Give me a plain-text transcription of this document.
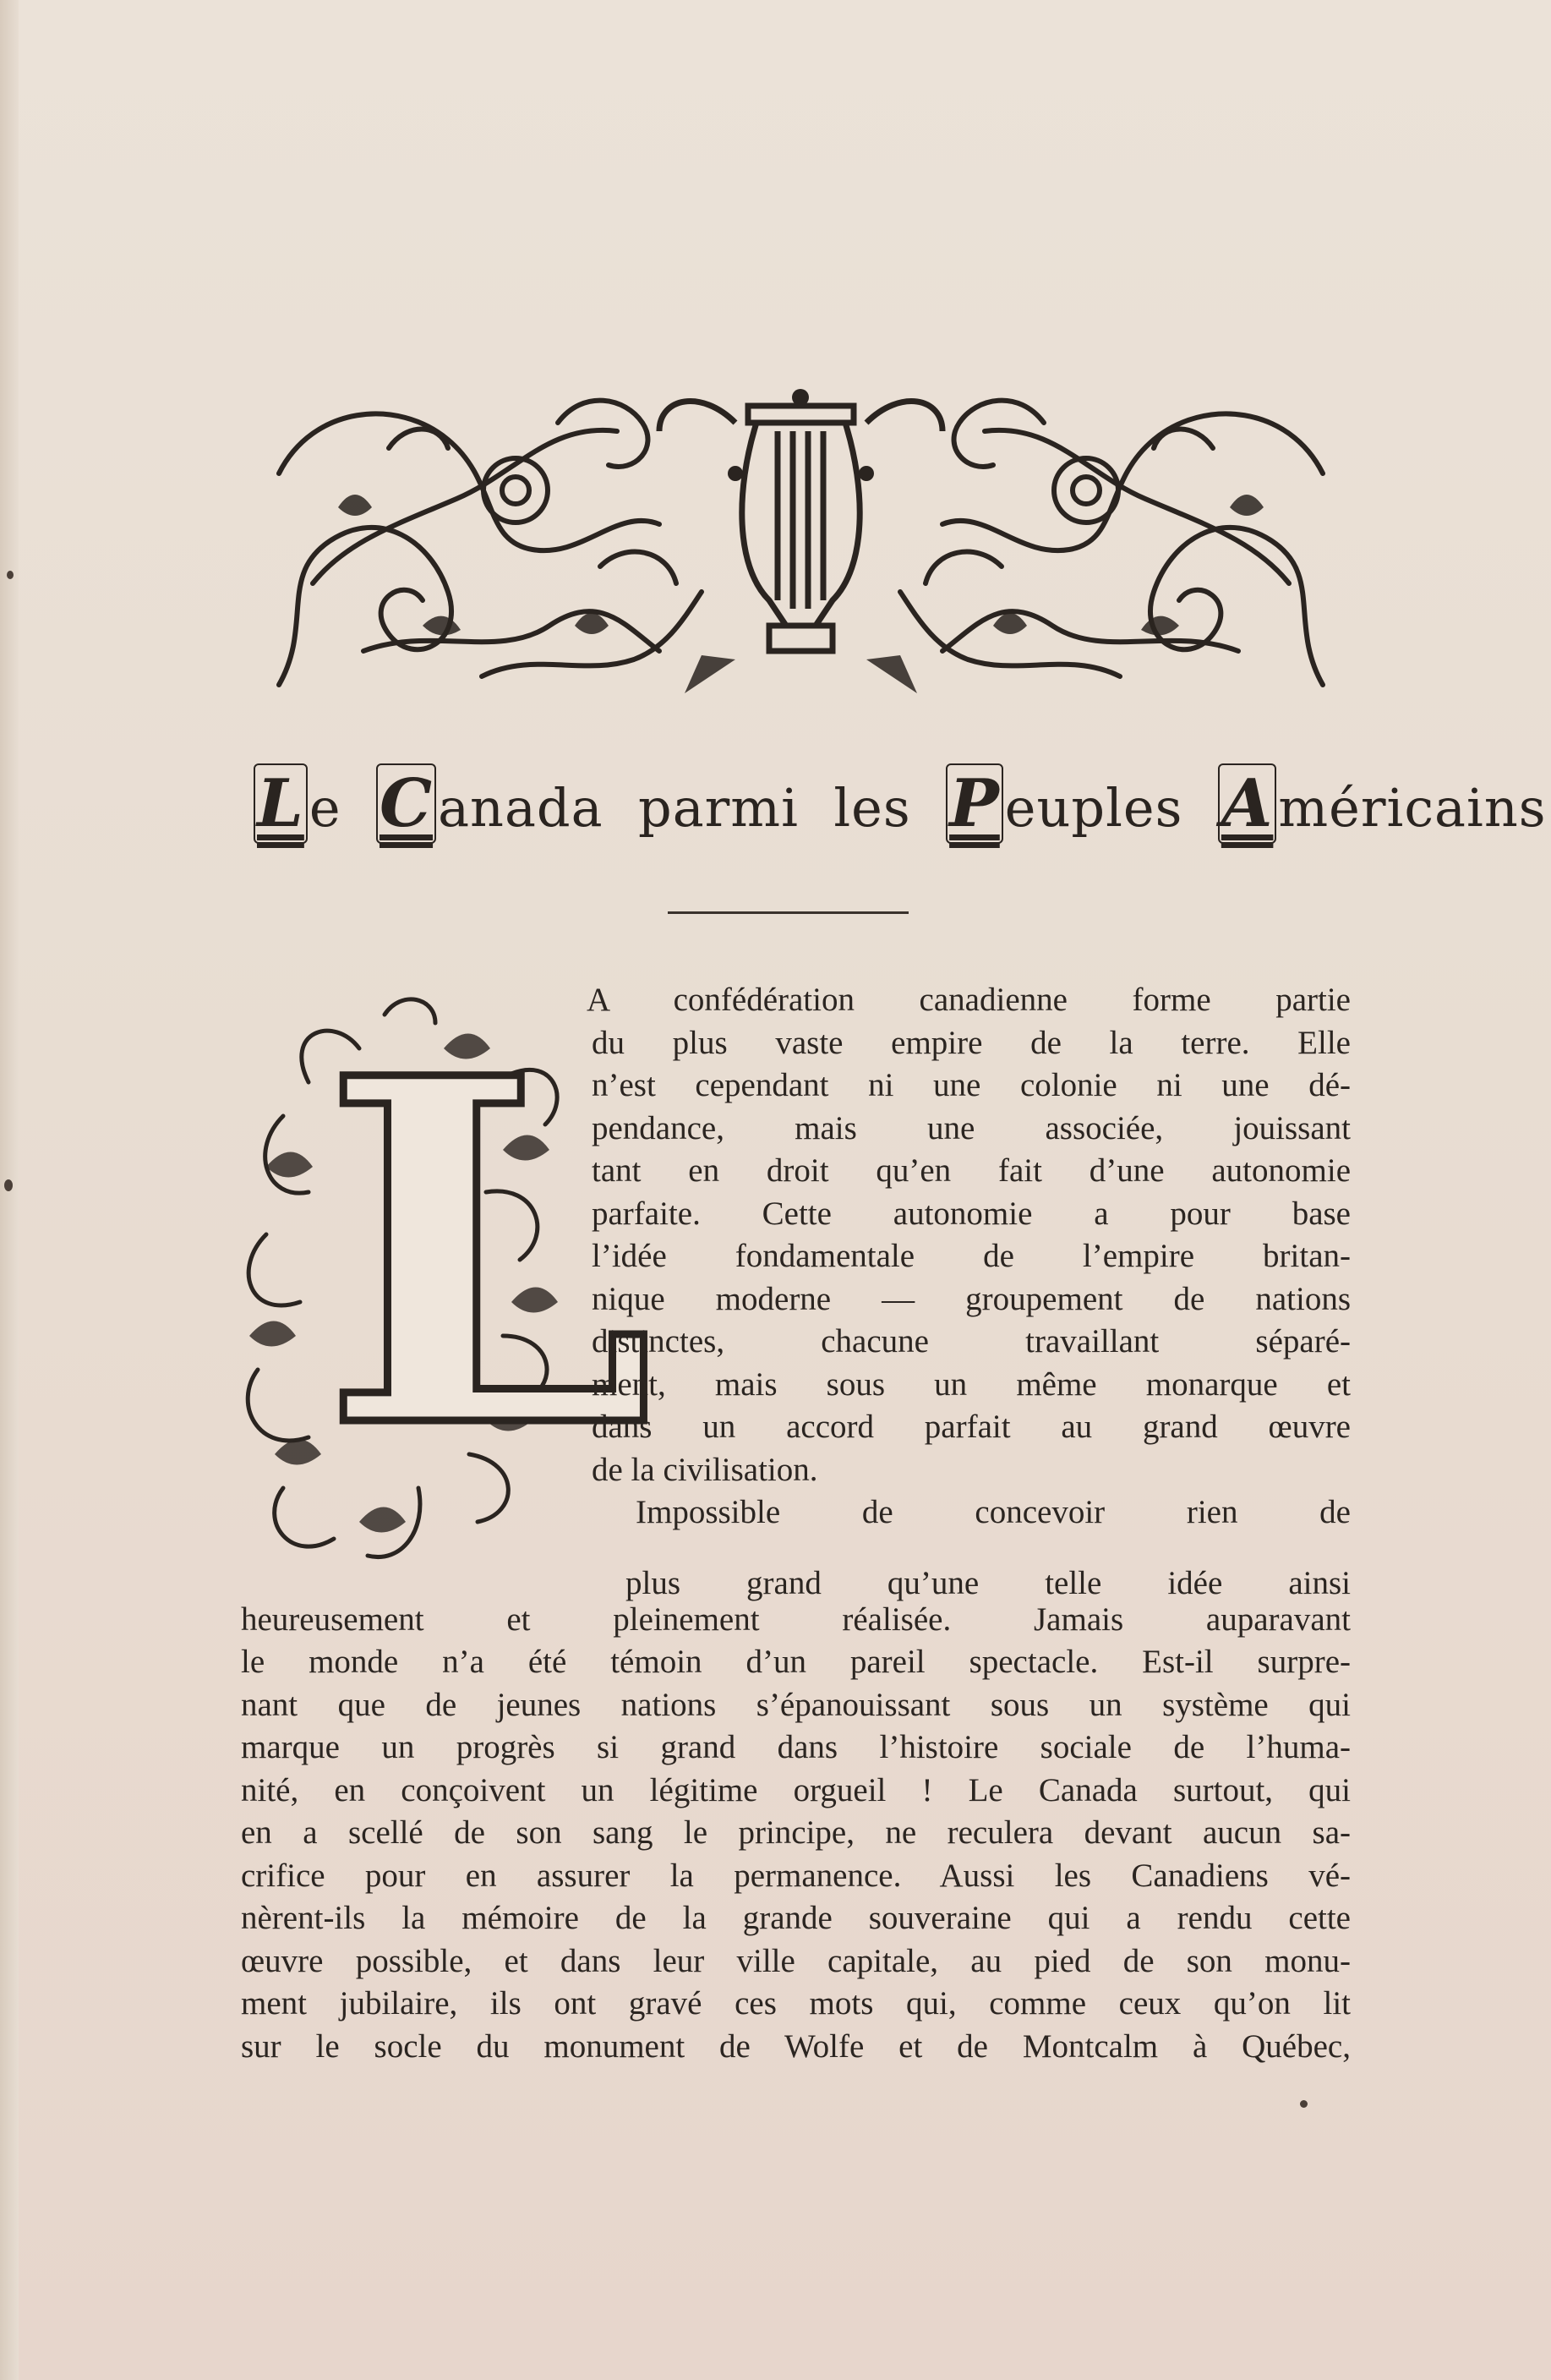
Le Canada parmi les Peuples Américains
L
A confédération canadienne forme partie
du plus vaste empire de la terre. Elle
n’est cependant ni une colonie ni une dé-
pendance, mais une associée, jouissant
tant en droit qu’en fait d’une autonomie
parfaite. Cette autonomie a pour base
l’idée fondamentale de l’empire britan-
nique moderne — groupement de nations
distinctes, chacune travaillant séparé-
ment, mais sous un même monarque et
dans un accord parfait au grand œuvre
de la civilisation.
Impossible de concevoir rien de
plus grand qu’une telle idée ainsi
heureusement et pleinement réalisée. Jamais auparavant
le monde n’a été témoin d’un pareil spectacle. Est-il surpre-
nant que de jeunes nations s’épanouissant sous un système qui
marque un progrès si grand dans l’histoire sociale de l’huma-
nité, en conçoivent un légitime orgueil ! Le Canada surtout, qui
en a scellé de son sang le principe, ne reculera devant aucun sa-
crifice pour en assurer la permanence. Aussi les Canadiens vé-
nèrent-ils la mémoire de la grande souveraine qui a rendu cette
œuvre possible, et dans leur ville capitale, au pied de son monu-
ment jubilaire, ils ont gravé ces mots qui, comme ceux qu’on lit
sur le socle du monument de Wolfe et de Montcalm à Québec,
